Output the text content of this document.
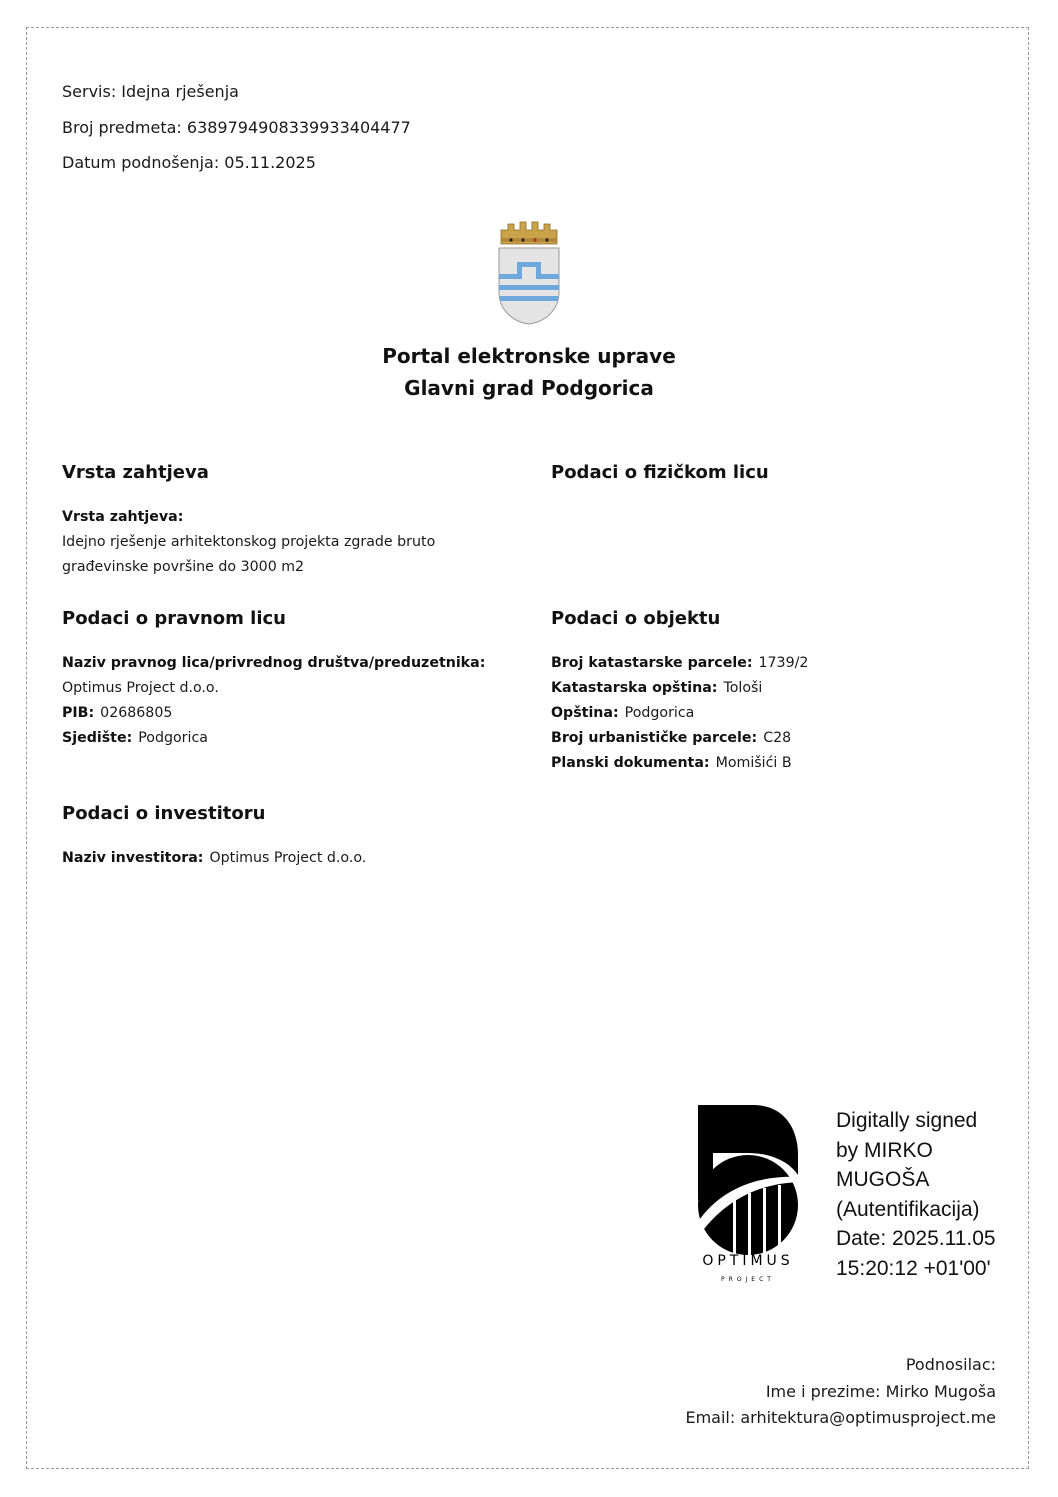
Servis: Idejna rješenja
Broj predmeta: 638979490833993340447​7
Datum podnošenja: 05.11.2025
Portal elektronske uprave
Glavni grad Podgorica
Vrsta zahtjeva
Vrsta zahtjeva:
Idejno rješenje arhitektonskog projekta zgrade bruto
građevinske površine do 3000 m2
Podaci o fizičkom licu
Podaci o pravnom licu
Naziv pravnog lica/privrednog društva/preduzetnika:
Optimus Project d.o.o.
PIB: 02686805
Sjedište: Podgorica
Podaci o objektu
Broj katastarske parcele: 1739/2
Katastarska opština: Tološi
Opština: Podgorica
Broj urbanističke parcele: C28
Planski dokumenta: Momišići B
Podaci o investitoru
Naziv investitora: Optimus Project d.o.o.
OPTIMUS
PROJECT
Digitally signed
by MIRKO
MUGOŠA
(Autentifikacija)
Date: 2025.11.05
15:20:12 +01'00'
Podnosilac:
Ime i prezime: Mirko Mugoša
Email: arhitektura@optimusproject.me
